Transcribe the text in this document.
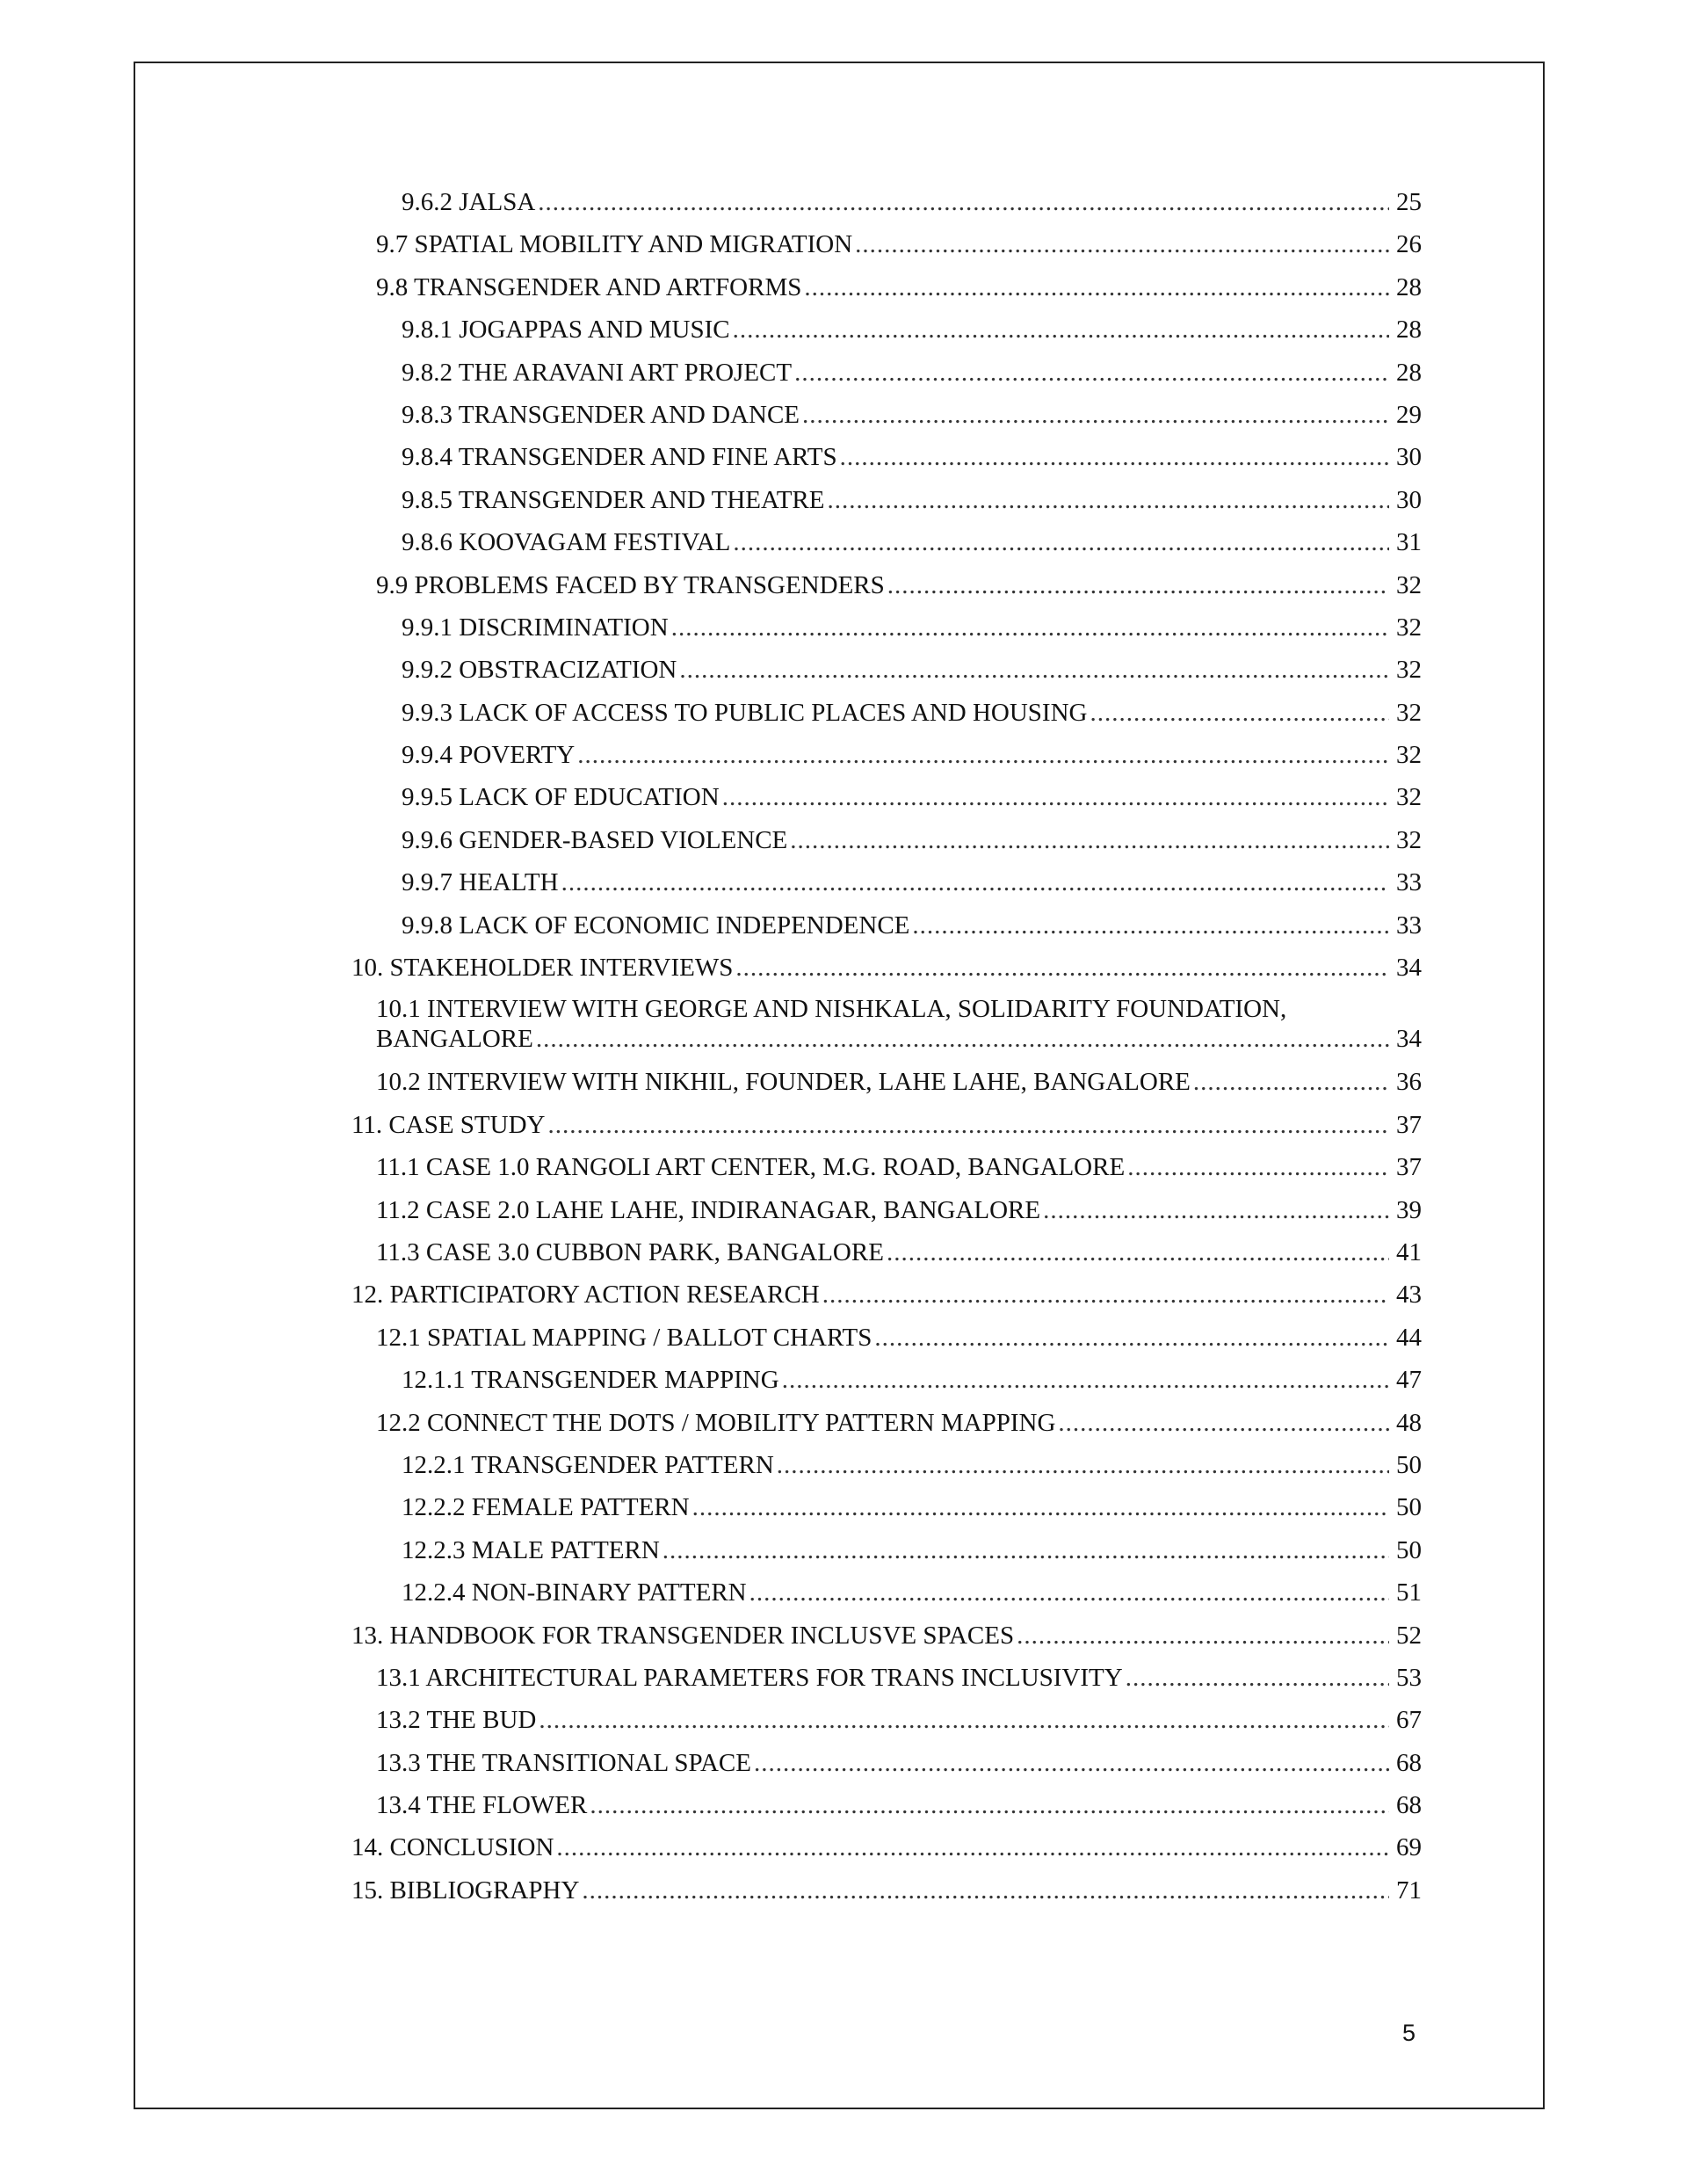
9.6.2 JALSA .....	25
9.7 SPATIAL MOBILITY AND MIGRATION .....	26
9.8 TRANSGENDER AND ARTFORMS .....	28
9.8.1 JOGAPPAS AND MUSIC .....	28
9.8.2 THE ARAVANI ART PROJECT .....	28
9.8.3 TRANSGENDER AND DANCE .....	29
9.8.4 TRANSGENDER AND FINE ARTS .....	30
9.8.5 TRANSGENDER AND THEATRE .....	30
9.8.6 KOOVAGAM FESTIVAL .....	31
9.9 PROBLEMS FACED BY TRANSGENDERS .....	32
9.9.1 DISCRIMINATION .....	32
9.9.2 OBSTRACIZATION .....	32
9.9.3 LACK OF ACCESS TO PUBLIC PLACES AND HOUSING .....	32
9.9.4 POVERTY .....	32
9.9.5 LACK OF EDUCATION .....	32
9.9.6 GENDER-BASED VIOLENCE .....	32
9.9.7 HEALTH .....	33
9.9.8 LACK OF ECONOMIC INDEPENDENCE .....	33
10. STAKEHOLDER INTERVIEWS .....	34
10.1 INTERVIEW WITH GEORGE AND NISHKALA, SOLIDARITY FOUNDATION,
BANGALORE .....	34
10.2 INTERVIEW WITH NIKHIL, FOUNDER, LAHE LAHE, BANGALORE .....	36
11. CASE STUDY .....	37
11.1 CASE 1.0 RANGOLI ART CENTER, M.G. ROAD, BANGALORE .....	37
11.2 CASE 2.0 LAHE LAHE, INDIRANAGAR, BANGALORE .....	39
11.3 CASE 3.0 CUBBON PARK, BANGALORE .....	41
12. PARTICIPATORY ACTION RESEARCH .....	43
12.1 SPATIAL MAPPING / BALLOT CHARTS .....	44
12.1.1 TRANSGENDER MAPPING .....	47
12.2 CONNECT THE DOTS / MOBILITY PATTERN MAPPING .....	48
12.2.1 TRANSGENDER PATTERN .....	50
12.2.2 FEMALE PATTERN .....	50
12.2.3 MALE PATTERN .....	50
12.2.4 NON-BINARY PATTERN .....	51
13. HANDBOOK FOR TRANSGENDER INCLUSVE SPACES .....	52
13.1 ARCHITECTURAL PARAMETERS FOR TRANS INCLUSIVITY .....	53
13.2 THE BUD .....	67
13.3 THE TRANSITIONAL SPACE .....	68
13.4 THE FLOWER .....	68
14. CONCLUSION .....	69
15. BIBLIOGRAPHY .....	71
5
